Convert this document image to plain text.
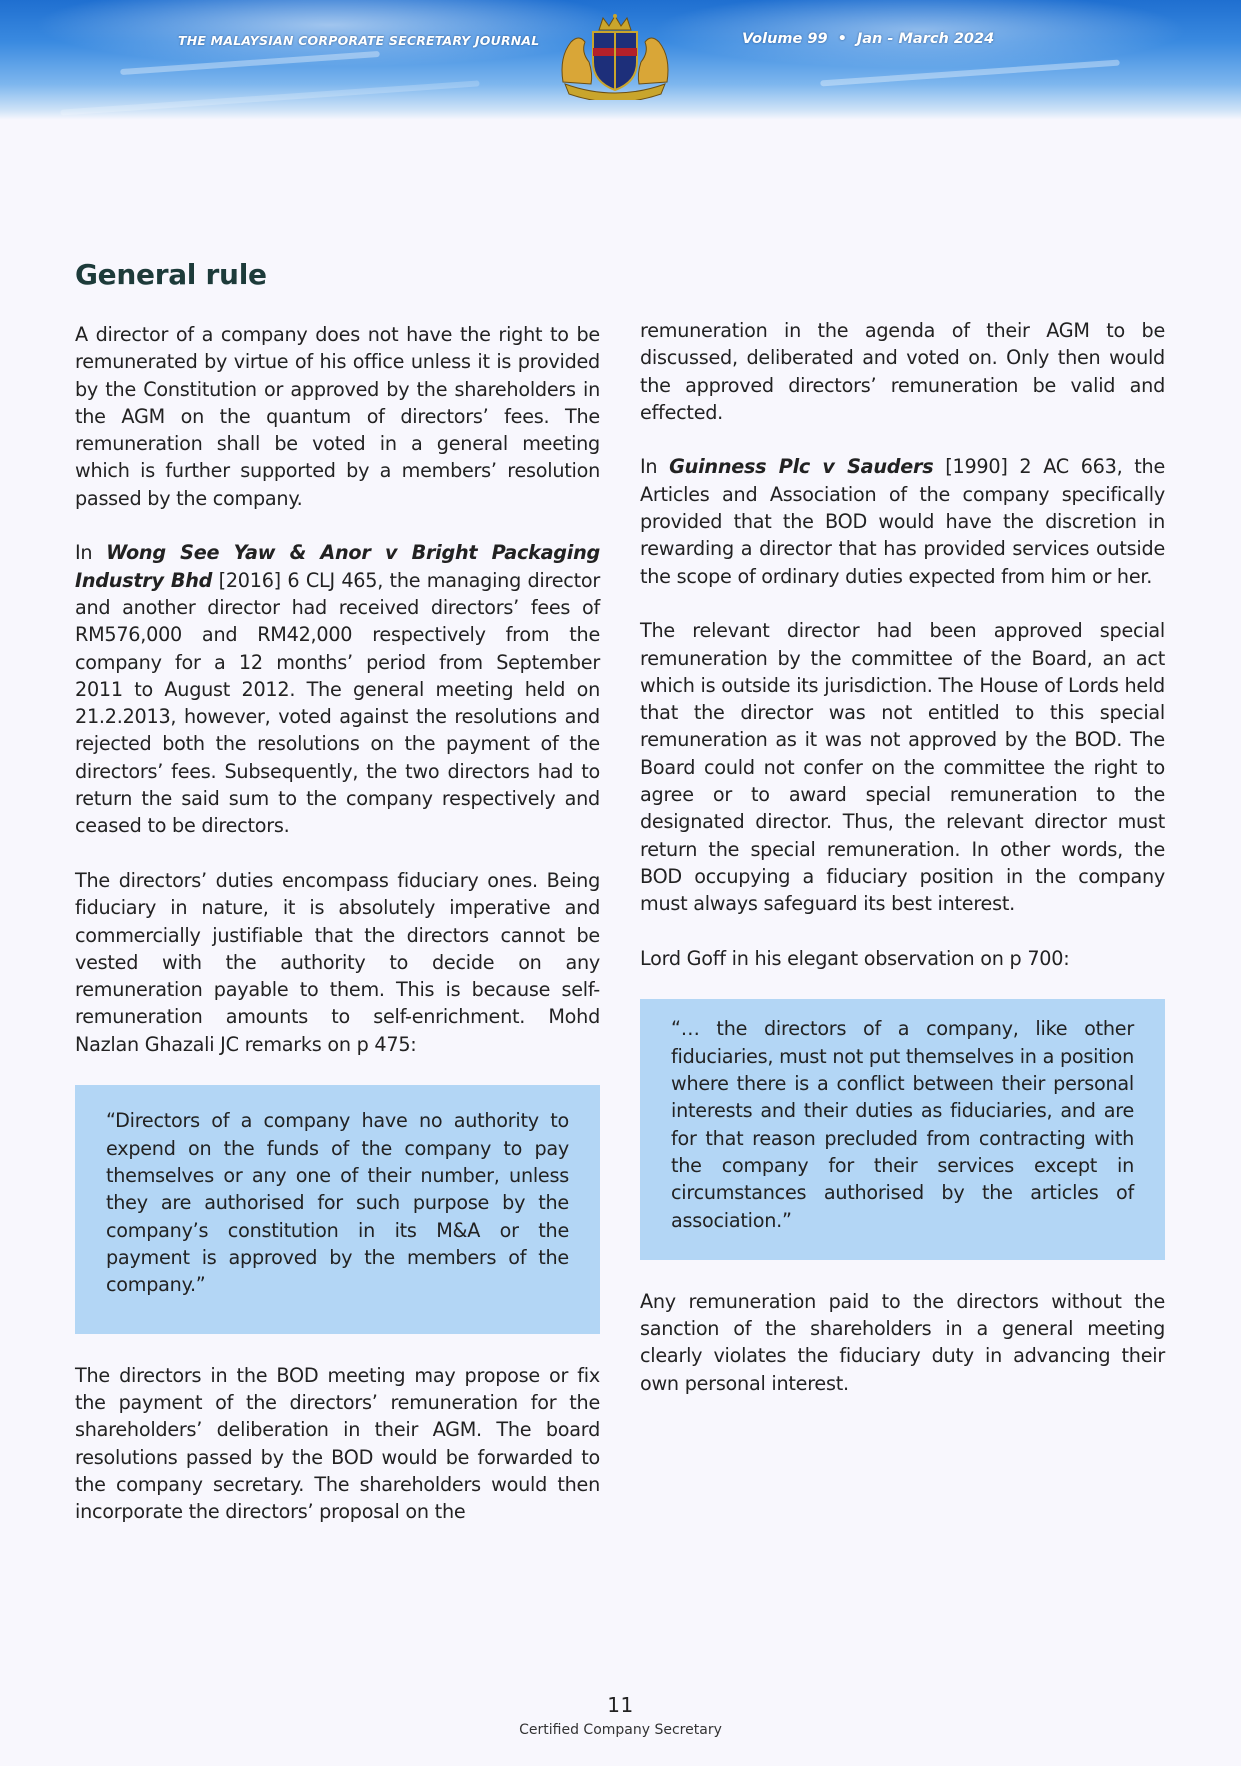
THE MALAYSIAN CORPORATE SECRETARY JOURNAL	Volume 99 • Jan - March 2024
General rule

A director of a company does not have the right to be remunerated by virtue of his office unless it is provided by the Constitution or approved by the shareholders in the AGM on the quantum of directors’ fees. The remuneration shall be voted in a general meeting which is further supported by a members’ resolution passed by the company.

In Wong See Yaw & Anor v Bright Packaging Industry Bhd [2016] 6 CLJ 465, the managing director and another director had received directors’ fees of RM576,000 and RM42,000 respectively from the company for a 12 months’ period from September 2011 to August 2012. The general meeting held on 21.2.2013, however, voted against the resolutions and rejected both the resolutions on the payment of the directors’ fees. Subsequently, the two directors had to return the said sum to the company respectively and ceased to be directors.

The directors’ duties encompass fiduciary ones. Being fiduciary in nature, it is absolutely imperative and commercially justifiable that the directors cannot be vested with the authority to decide on any remuneration payable to them. This is because self-remuneration amounts to self-enrichment. Mohd Nazlan Ghazali JC remarks on p 475:

“Directors of a company have no authority to expend on the funds of the company to pay themselves or any one of their number, unless they are authorised for such purpose by the company’s constitution in its M&A or the payment is approved by the members of the company.”

The directors in the BOD meeting may propose or fix the payment of the directors’ remuneration for the shareholders’ deliberation in their AGM. The board resolutions passed by the BOD would be forwarded to the company secretary. The shareholders would then incorporate the directors’ proposal on the

remuneration in the agenda of their AGM to be discussed, deliberated and voted on. Only then would the approved directors’ remuneration be valid and effected.

In Guinness Plc v Sauders [1990] 2 AC 663, the Articles and Association of the company specifically provided that the BOD would have the discretion in rewarding a director that has provided services outside the scope of ordinary duties expected from him or her.

The relevant director had been approved special remuneration by the committee of the Board, an act which is outside its jurisdiction. The House of Lords held that the director was not entitled to this special remuneration as it was not approved by the BOD. The Board could not confer on the committee the right to agree or to award special remuneration to the designated director. Thus, the relevant director must return the special remuneration. In other words, the BOD occupying a fiduciary position in the company must always safeguard its best interest.

Lord Goff in his elegant observation on p 700:

“… the directors of a company, like other fiduciaries, must not put themselves in a position where there is a conflict between their personal interests and their duties as fiduciaries, and are for that reason precluded from contracting with the company for their services except in circumstances authorised by the articles of association.”

Any remuneration paid to the directors without the sanction of the shareholders in a general meeting clearly violates the fiduciary duty in advancing their own personal interest.

11
Certified Company Secretary
